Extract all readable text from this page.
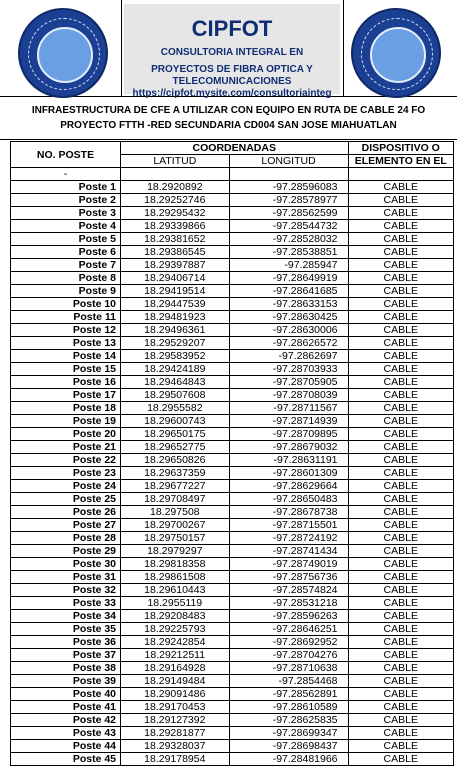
CIPFOT
CONSULTORIA INTEGRAL EN
PROYECTOS DE FIBRA OPTICA Y
TELECOMUNICACIONES
https://cipfot.mysite.com/consultoriainteg
INFRAESTRUCTURA DE CFE A UTILIZAR CON EQUIPO EN RUTA DE CABLE 24 FO
PROYECTO FTTH -RED SECUNDARIA CD004 SAN JOSE MIAHUATLAN
NO. POSTE	COORDENADAS		DISPOSITIVO O
	LATITUD	LONGITUD	ELEMENTO EN EL
-			
Poste 1	18.2920892	-97.28596083	CABLE
Poste 2	18.29252746	-97.28578977	CABLE
Poste 3	18.29295432	-97.28562599	CABLE
Poste 4	18.29339866	-97.28544732	CABLE
Poste 5	18.29381652	-97.28528032	CABLE
Poste 6	18.29386545	-97.28538851	CABLE
Poste 7	18.29397887	-97.285947	CABLE
Poste 8	18.29406714	-97.28649919	CABLE
Poste 9	18.29419514	-97.28641685	CABLE
Poste 10	18.29447539	-97.28633153	CABLE
Poste 11	18.29481923	-97.28630425	CABLE
Poste 12	18.29496361	-97.28630006	CABLE
Poste 13	18.29529207	-97.28626572	CABLE
Poste 14	18.29583952	-97.2862697	CABLE
Poste 15	18.29424189	-97.28703933	CABLE
Poste 16	18.29464843	-97.28705905	CABLE
Poste 17	18.29507608	-97.28708039	CABLE
Poste 18	18.2955582	-97.28711567	CABLE
Poste 19	18.29600743	-97.28714939	CABLE
Poste 20	18.29650175	-97.28709895	CABLE
Poste 21	18.29652775	-97.28679032	CABLE
Poste 22	18.29650826	-97.28631191	CABLE
Poste 23	18.29637359	-97.28601309	CABLE
Poste 24	18.29677227	-97.28629664	CABLE
Poste 25	18.29708497	-97.28650483	CABLE
Poste 26	18.297508	-97.28678738	CABLE
Poste 27	18.29700267	-97.28715501	CABLE
Poste 28	18.29750157	-97.28724192	CABLE
Poste 29	18.2979297	-97.28741434	CABLE
Poste 30	18.29818358	-97.28749019	CABLE
Poste 31	18.29861508	-97.28756736	CABLE
Poste 32	18.29610443	-97.28574824	CABLE
Poste 33	18.2955119	-97.28531218	CABLE
Poste 34	18.29208483	-97.28596263	CABLE
Poste 35	18.29225793	-97.28646251	CABLE
Poste 36	18.29242854	-97.28692952	CABLE
Poste 37	18.29212511	-97.28704276	CABLE
Poste 38	18.29164928	-97.28710638	CABLE
Poste 39	18.29149484	-97.2854468	CABLE
Poste 40	18.29091486	-97.28562891	CABLE
Poste 41	18.29170453	-97.28610589	CABLE
Poste 42	18.29127392	-97.28625835	CABLE
Poste 43	18.29281877	-97.28699347	CABLE
Poste 44	18.29328037	-97.28698437	CABLE
Poste 45	18.29178954	-97.28481966	CABLE
